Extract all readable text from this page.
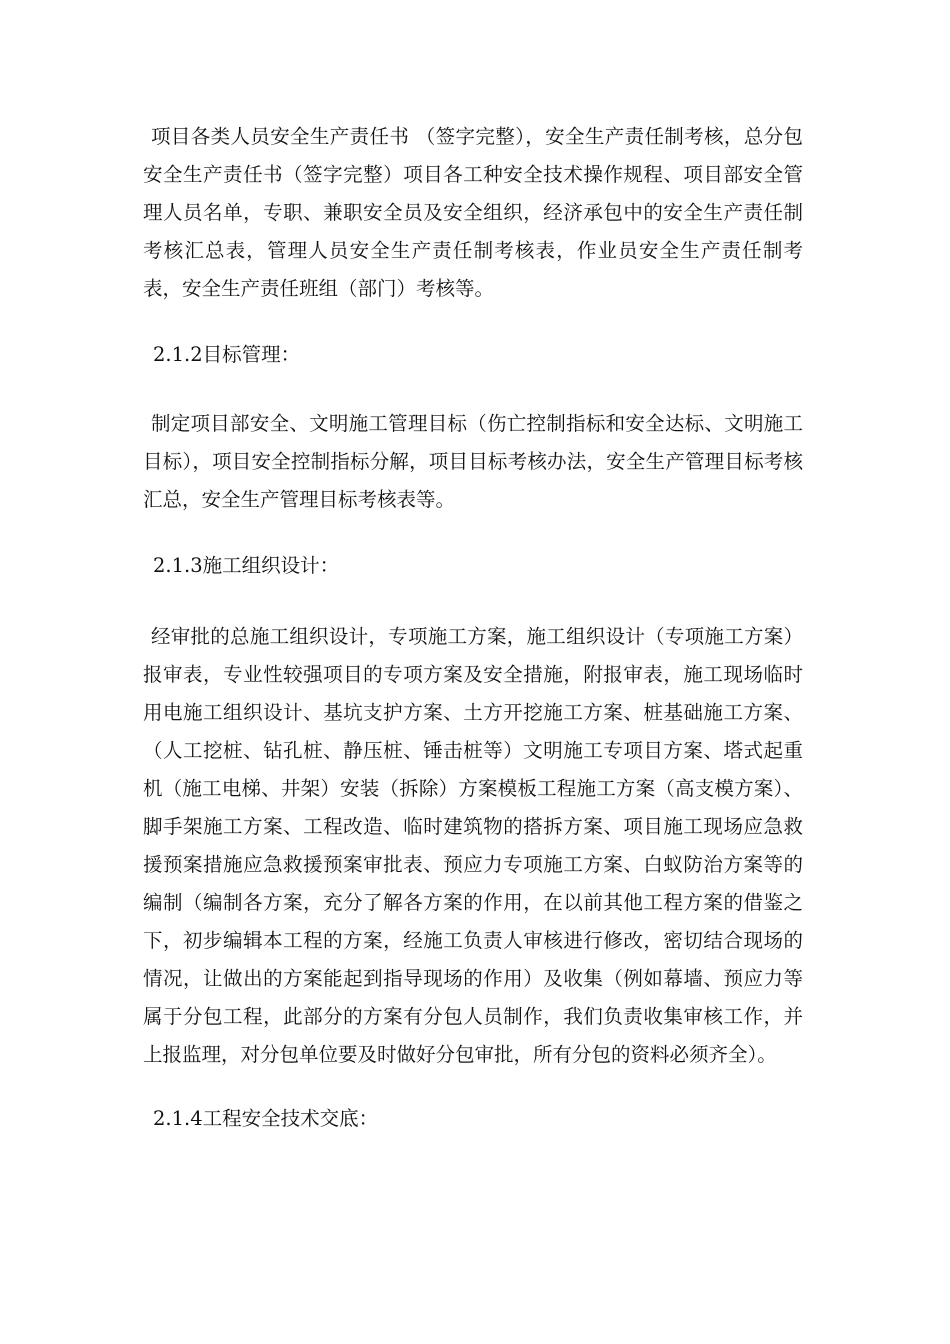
项目各类人员安全生产责任书 （签字完整），安全生产责任制考核，总分包安全生产责任书（签字完整）项目各工种安全技术操作规程、项目部安全管理人员名单，专职、兼职安全员及安全组织，经济承包中的安全生产责任制考核汇总表，管理人员安全生产责任制考核表，作业员安全生产责任制考表，安全生产责任班组（部门）考核等。

2.1.2目标管理：

制定项目部安全、文明施工管理目标（伤亡控制指标和安全达标、文明施工目标），项目安全控制指标分解，项目目标考核办法，安全生产管理目标考核汇总，安全生产管理目标考核表等。

2.1.3施工组织设计：

经审批的总施工组织设计，专项施工方案，施工组织设计（专项施工方案）报审表，专业性较强项目的专项方案及安全措施，附报审表，施工现场临时用电施工组织设计、基坑支护方案、土方开挖施工方案、桩基础施工方案、（人工挖桩、钻孔桩、静压桩、锤击桩等）文明施工专项目方案、塔式起重机（施工电梯、井架）安装（拆除）方案模板工程施工方案（高支模方案）、脚手架施工方案、工程改造、临时建筑物的搭拆方案、项目施工现场应急救援预案措施应急救援预案审批表、预应力专项施工方案、白蚁防治方案等的编制（编制各方案，充分了解各方案的作用，在以前其他工程方案的借鉴之下，初步编辑本工程的方案，经施工负责人审核进行修改，密切结合现场的情况，让做出的方案能起到指导现场的作用）及收集（例如幕墙、预应力等属于分包工程，此部分的方案有分包人员制作，我们负责收集审核工作，并上报监理，对分包单位要及时做好分包审批，所有分包的资料必须齐全）。

2.1.4工程安全技术交底：
